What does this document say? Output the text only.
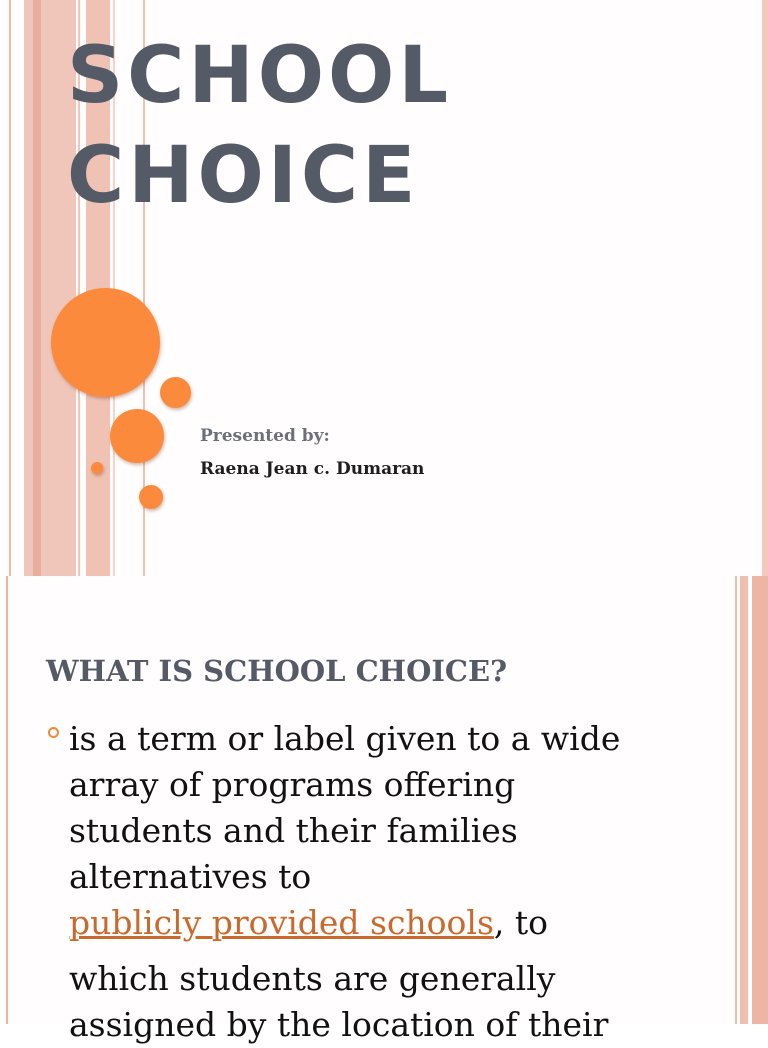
SCHOOL
CHOICE

Presented by:

Raena Jean c. Dumaran

WHAT IS SCHOOL CHOICE?

is a term or label given to a wide
array of programs offering
students and their families
alternatives to
publicly provided schools, to
which students are generally
assigned by the location of their
